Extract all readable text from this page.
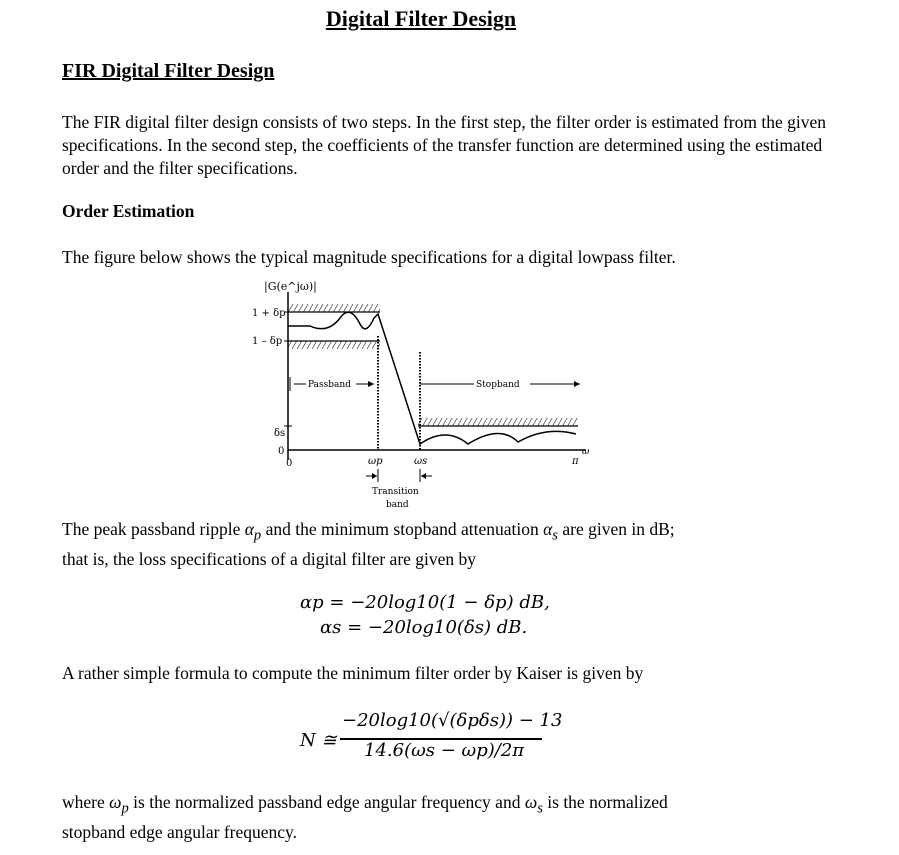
Digital Filter Design
FIR Digital Filter Design
The FIR digital filter design consists of two steps. In the first step, the filter order is estimated from the given specifications. In the second step, the coefficients of the transfer function are determined using the estimated order and the filter specifications.
Order Estimation
The figure below shows the typical magnitude specifications for a digital lowpass filter.
|G(e^jω)|
1 + δp
1 – δp
δs
0
0
Passband	Stopband
ωp	ωs	π
ω
Transition
band
The peak passband ripple $\alpha_p$ and the minimum stopband attenuation $\alpha_s$ are given in dB;
that is, the loss specifications of a digital filter are given by
αp = −20log10(1 − δp) dB,
αs = −20log10(δs) dB.
A rather simple formula to compute the minimum filter order by Kaiser is given by
N ≅
−20log10(√(δpδs)) − 13
14.6(ωs − ωp)/2π
where $\omega_p$ is the normalized passband edge angular frequency and $\omega_s$ is the normalized
stopband edge angular frequency.
